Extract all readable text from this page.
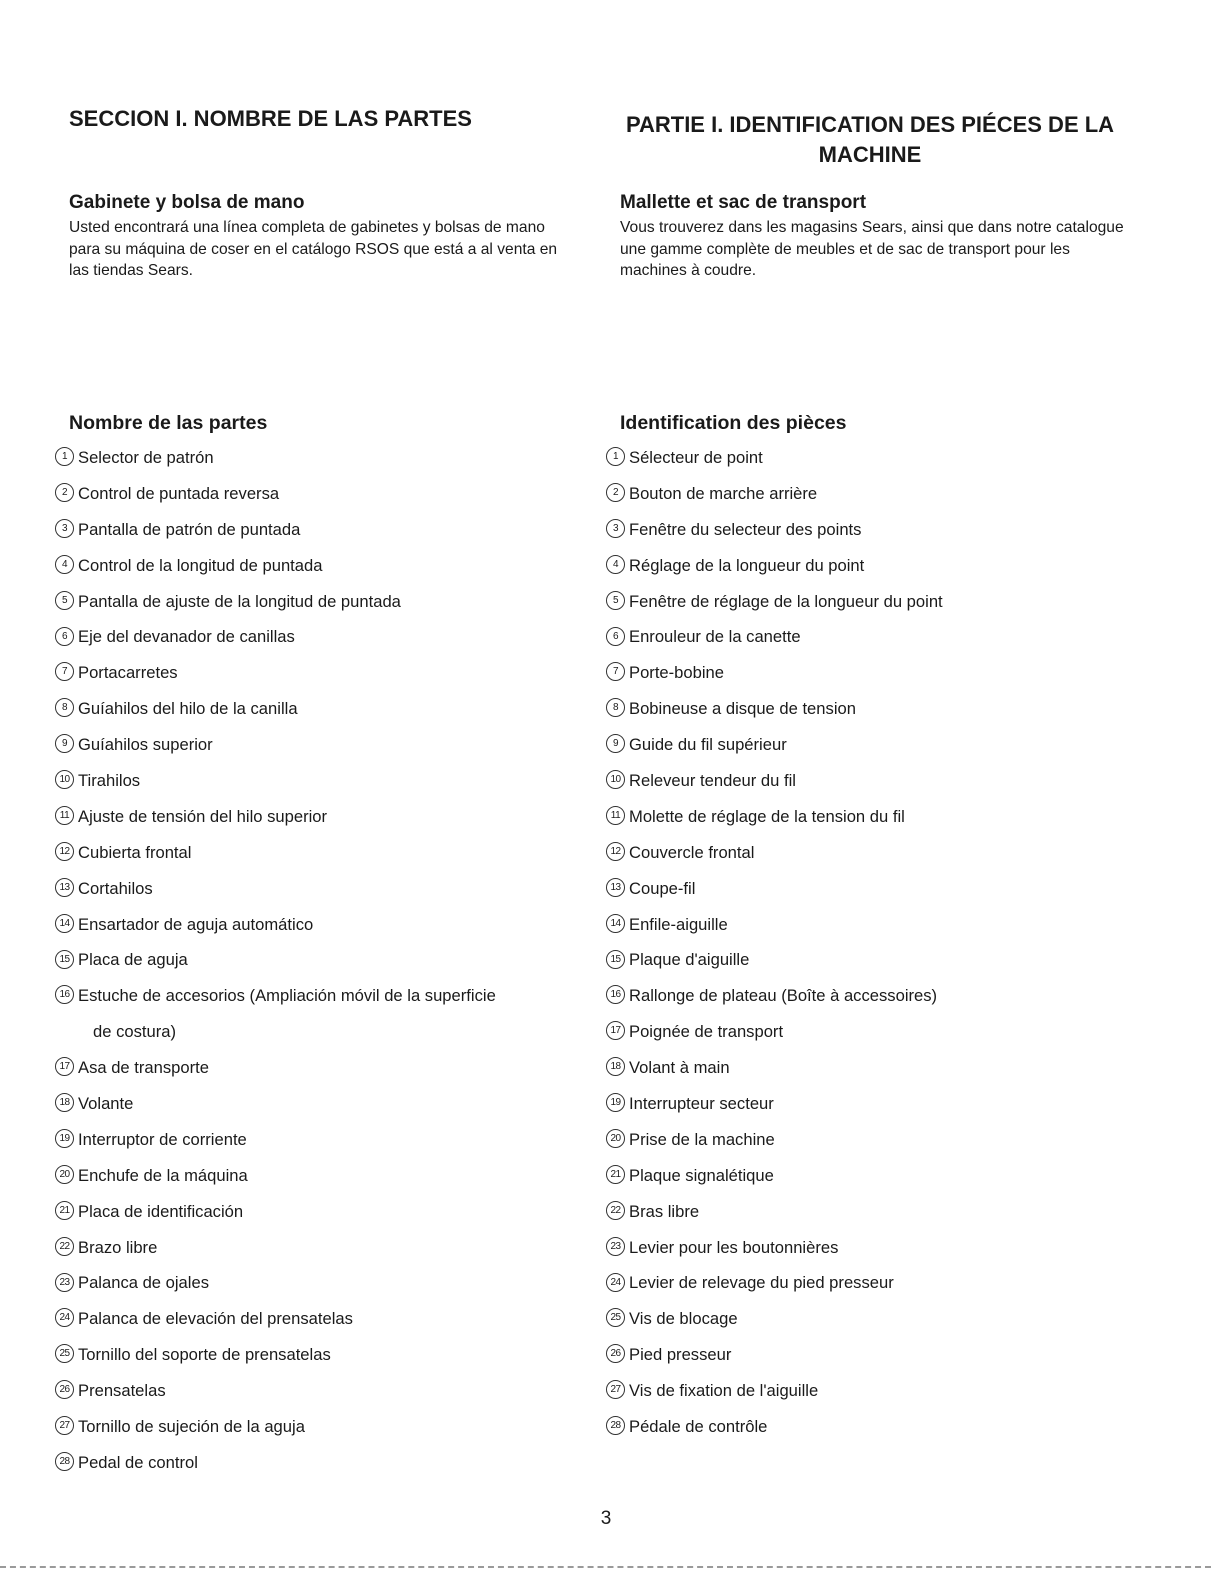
SECCION I. NOMBRE DE LAS PARTES
Gabinete y bolsa de mano

Usted encontrará una línea completa de gabinetes y bolsas de mano para su máquina de coser en el catálogo RSOS que está a al venta en las tiendas Sears.

Nombre de las partes
1 Selector de patrón
2 Control de puntada reversa
3 Pantalla de patrón de puntada
4 Control de la longitud de puntada
5 Pantalla de ajuste de la longitud de puntada
6 Eje del devanador de canillas
7 Portacarretes
8 Guíahilos del hilo de la canilla
9 Guíahilos superior
10 Tirahilos
11 Ajuste de tensión del hilo superior
12 Cubierta frontal
13 Cortahilos
14 Ensartador de aguja automático
15 Placa de aguja
16 Estuche de accesorios (Ampliación móvil de la superficie
de costura)
17 Asa de transporte
18 Volante
19 Interruptor de corriente
20 Enchufe de la máquina
21 Placa de identificación
22 Brazo libre
23 Palanca de ojales
24 Palanca de elevación del prensatelas
25 Tornillo del soporte de prensatelas
26 Prensatelas
27 Tornillo de sujeción de la aguja
28 Pedal de control
PARTIE I. IDENTIFICATION DES PIÉCES DE LA MACHINE
Mallette et sac de transport

Vous trouverez dans les magasins Sears, ainsi que dans notre catalogue une gamme complète de meubles et de sac de transport pour les machines à coudre.

Identification des pièces
1 Sélecteur de point
2 Bouton de marche arrière
3 Fenêtre du selecteur des points
4 Réglage de la longueur du point
5 Fenêtre de réglage de la longueur du point
6 Enrouleur de la canette
7 Porte-bobine
8 Bobineuse a disque de tension
9 Guide du fil supérieur
10 Releveur tendeur du fil
11 Molette de réglage de la tension du fil
12 Couvercle frontal
13 Coupe-fil
14 Enfile-aiguille
15 Plaque d'aiguille
16 Rallonge de plateau (Boîte à accessoires)
17 Poignée de transport
18 Volant à main
19 Interrupteur secteur
20 Prise de la machine
21 Plaque signalétique
22 Bras libre
23 Levier pour les boutonnières
24 Levier de relevage du pied presseur
25 Vis de blocage
26 Pied presseur
27 Vis de fixation de l'aiguille
28 Pédale de contrôle

3
